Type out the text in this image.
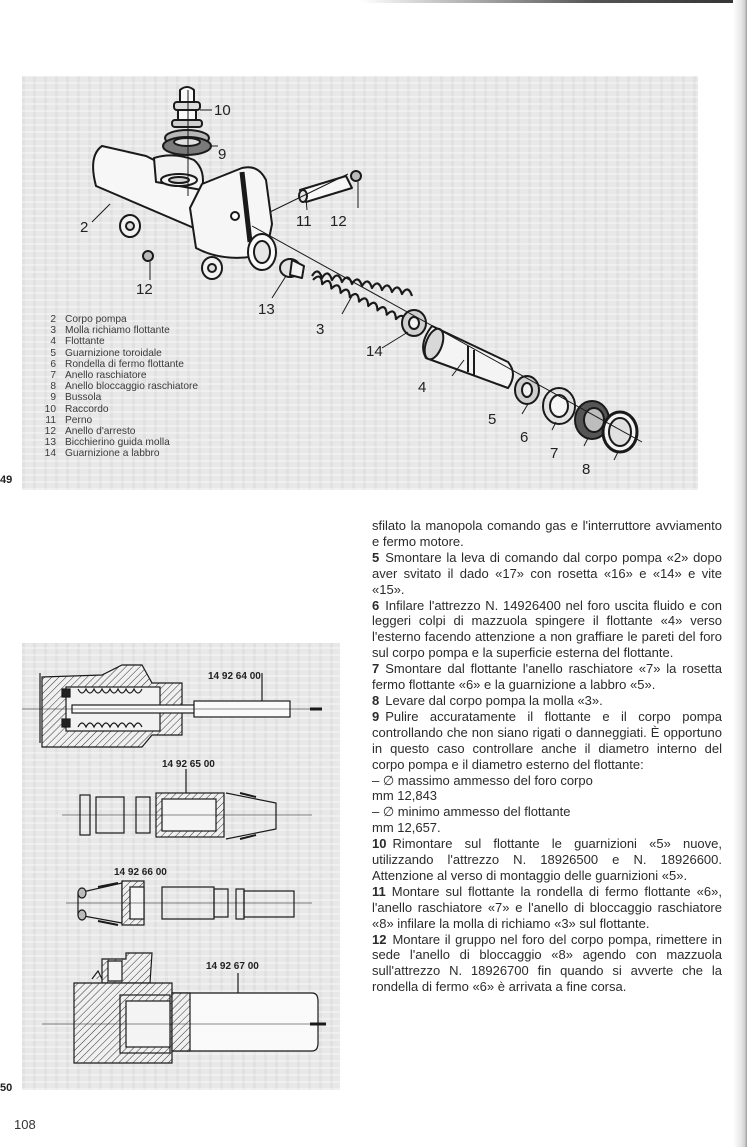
10
9
2	11 12
12
13
3
14
4
5
6
7
8
2 Corpo pompa
3 Molla richiamo flottante
4 Flottante
5 Guarnizione toroidale
6 Rondella di fermo flottante
7 Anello raschiatore
8 Anello bloccaggio raschiatore
9 Bussola
10 Raccordo
11 Perno
12 Anello d'arresto
13 Bicchierino guida molla
14 Guarnizione a labbro
49
14 92 64 00
14 92 65 00
14 92 66 00
14 92 67 00
50

sfilato la manopola comando gas e l'interruttore avviamento e fermo motore.

5 Smontare la leva di comando dal corpo pompa «2» dopo aver svitato il dado «17» con rosetta «16» e «14» e vite «15».

6 Infilare l'attrezzo N. 14926400 nel foro uscita fluido e con leggeri colpi di mazzuola spingere il flottante «4» verso l'esterno facendo attenzione a non graffiare le pareti del foro sul corpo pompa e la superficie esterna del flottante.

7 Smontare dal flottante l'anello raschiatore «7» la rosetta fermo flottante «6» e la guarnizione a labbro «5».

8 Levare dal corpo pompa la molla «3».

9 Pulire accuratamente il flottante e il corpo pompa controllando che non siano rigati o danneggiati. È opportuno in questo caso controllare anche il diametro interno del corpo pompa e il diametro esterno del flottante:

– ∅ massimo ammesso del foro corpo

mm 12,843

– ∅ minimo ammesso del flottante

mm 12,657.

10 Rimontare sul flottante le guarnizioni «5» nuove, utilizzando l'attrezzo N. 18926500 e N. 18926600. Attenzione al verso di montaggio delle guarnizioni «5».

11 Montare sul flottante la rondella di fermo flottante «6», l'anello raschiatore «7» e l'anello di bloccaggio raschiatore «8» infilare la molla di richiamo «3» sul flottante.

12 Montare il gruppo nel foro del corpo pompa, rimettere in sede l'anello di bloccaggio «8» agendo con mazzuola sull'attrezzo N. 18926700 fin quando si avverte che la rondella di fermo «6» è arrivata a fine corsa.

108
